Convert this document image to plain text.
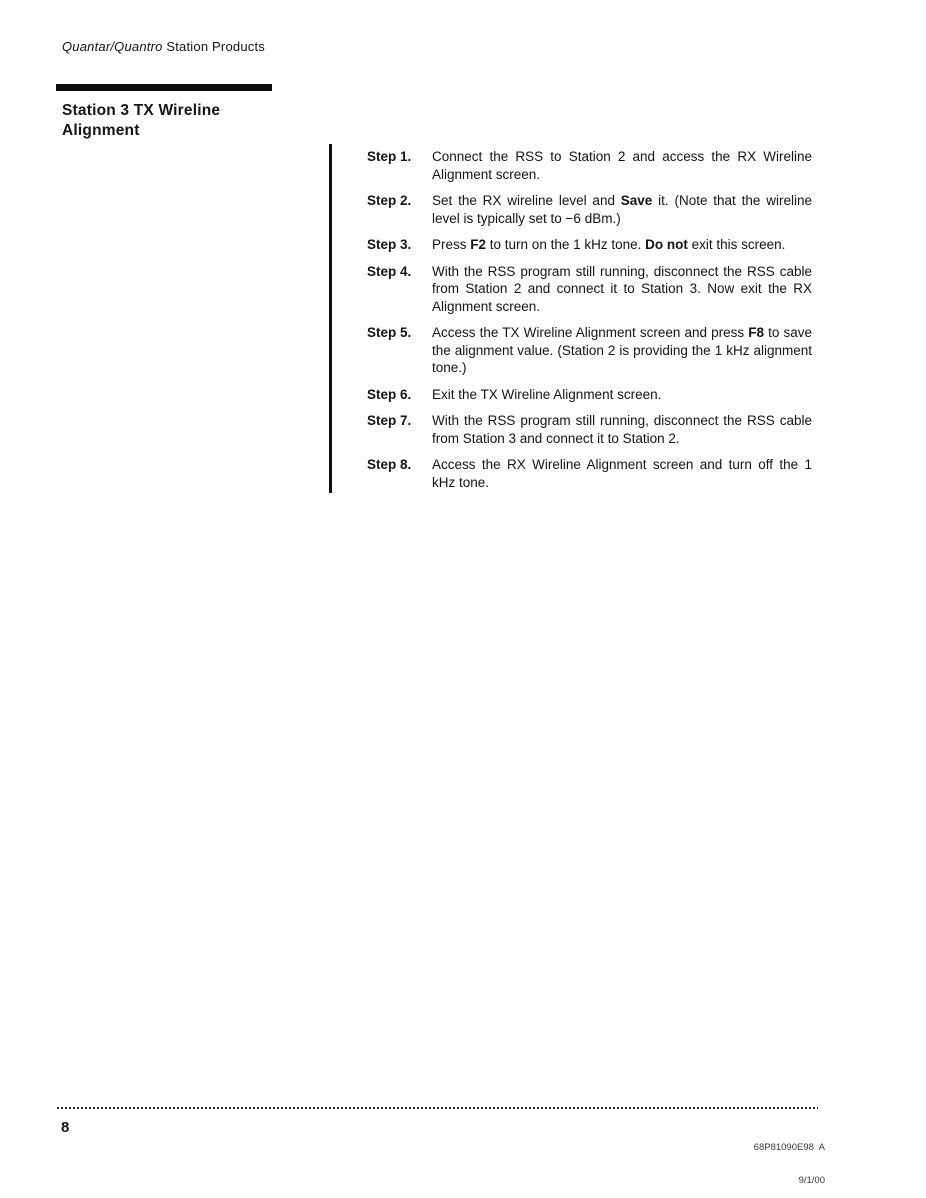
Quantar/Quantro Station Products
Station 3 TX Wireline
Alignment
Step 1.	Connect the RSS to Station 2 and access the RX Wireline Alignment screen.
Step 2.	Set the RX wireline level and Save it. (Note that the wireline level is typically set to −6 dBm.)
Step 3.	Press F2 to turn on the 1 kHz tone. Do not exit this screen.
Step 4.	With the RSS program still running, disconnect the RSS cable from Station 2 and connect it to Station 3. Now exit the RX Alignment screen.
Step 5.	Access the TX Wireline Alignment screen and press F8 to save the alignment value. (Station 2 is providing the 1 kHz alignment tone.)
Step 6.	Exit the TX Wireline Alignment screen.
Step 7.	With the RSS program still running, disconnect the RSS cable from Station 3 and connect it to Station 2.
Step 8.	Access the RX Wireline Alignment screen and turn off the 1 kHz tone.
8

68P81090E98  A

9/1/00
